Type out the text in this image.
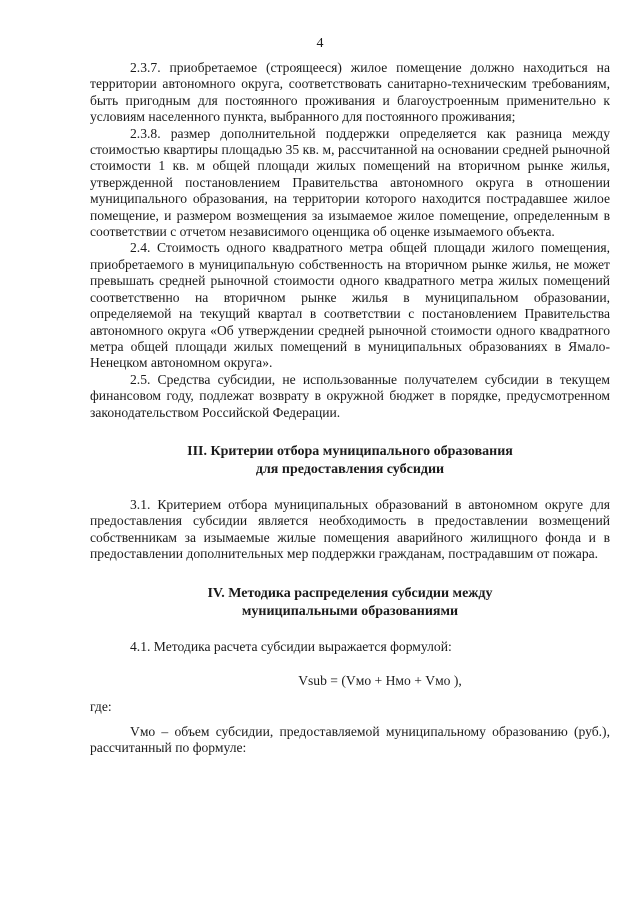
4

2.3.7. приобретаемое (строящееся) жилое помещение должно находиться на территории автономного округа, соответствовать санитарно-техническим требованиям, быть пригодным для постоянного проживания и благоустроенным применительно к условиям населенного пункта, выбранного для постоянного проживания;

2.3.8. размер дополнительной поддержки определяется как разница между стоимостью квартиры площадью 35 кв. м, рассчитанной на основании средней рыночной стоимости 1 кв. м общей площади жилых помещений на вторичном рынке жилья, утвержденной постановлением Правительства автономного округа в отношении муниципального образования, на территории которого находится пострадавшее жилое помещение, и размером возмещения за изымаемое жилое помещение, определенным в соответствии с отчетом независимого оценщика об оценке изымаемого объекта.

2.4. Стоимость одного квадратного метра общей площади жилого помещения, приобретаемого в муниципальную собственность на вторичном рынке жилья, не может превышать средней рыночной стоимости одного квадратного метра жилых помещений соответственно на вторичном рынке жилья в муниципальном образовании, определяемой на текущий квартал в соответствии с постановлением Правительства автономного округа «Об утверждении средней рыночной стоимости одного квадратного метра общей площади жилых помещений в муниципальных образованиях в Ямало-Ненецком автономном округа».

2.5. Средства субсидии, не использованные получателем субсидии в текущем финансовом году, подлежат возврату в окружной бюджет в порядке, предусмотренном законодательством Российской Федерации.

III. Критерии отбора муниципального образования

для предоставления субсидии

3.1. Критерием отбора муниципальных образований в автономном округе для предоставления субсидии является необходимость в предоставлении возмещений собственникам за изымаемые жилые помещения аварийного жилищного фонда и в предоставлении дополнительных мер поддержки гражданам, пострадавшим от пожара.

IV. Методика распределения субсидии между

муниципальными образованиями

4.1. Методика расчета субсидии выражается формулой:

Vsub = (Vмо + Нмо + Vмо ),

где:

Vмо – объем субсидии, предоставляемой муниципальному образованию (руб.), рассчитанный по формуле:
